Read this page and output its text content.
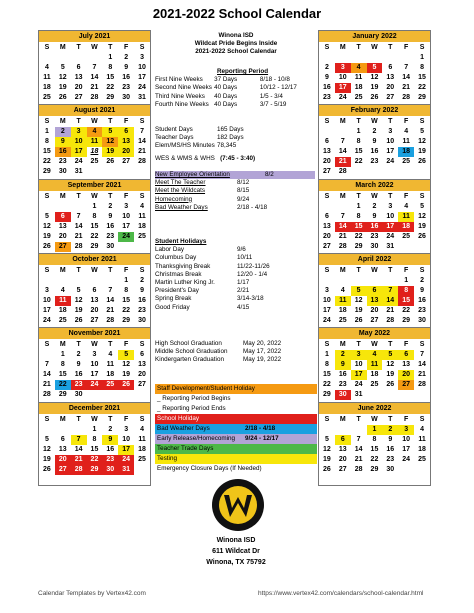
2021-2022 School Calendar
Winona ISD
Wildcat Pride Begins Inside
2021-2022 School Calendar
Reporting Period
First Nine Weeks	37 Days	8/18 - 10/8
Second Nine Weeks 40 Days	10/12 - 12/17
Third Nine Weeks	40 Days	1/5 - 3/4
Fourth Nine Weeks 40 Days	3/7 - 5/19
Student Days	165 Days
Teacher Days	182 Days
Elem/MS/HS Minutes 78,345
WES & WMS & WHS (7:45 - 3:40)
New Employee Orientation	8/2
Meet The Teacher	8/12
Meet the Wildcats	8/15
Homecoming	9/24
Bad Weather Days	2/18 - 4/18
Student Holidays
Labor Day	9/6
Columbus Day	10/11
Thanksgiving Break	11/22-11/26
Christmas Break	12/20 - 1/4
Martin Luther King Jr.	1/17
President's Day	2/21
Spring Break	3/14-3/18
Good Friday	4/15
High School Graduation	May 20, 2022
Middle School Graduation	May 17, 2022
Kindergarten Graduation	May 19, 2022
Staff Development/Student Holiday
_ Reporting Period Begins
_ Reporting Period Ends
School Holiday
Bad Weather Days	2/18 - 4/18
Early Release/Homecoming	9/24 - 12/17
Teacher Trade Days
Testing
Emergency Closure Days (If Needed)
Winona ISD
611 Wildcat Dr
Winona, TX 75792
Calendar Templates by Vertex42.com	https://www.vertex42.com/calendars/school-calendar.html
July 2021
S	M	T	W	T	F	S
				1	2	3
4	5	6	7	8	9	10
11	12	13	14	15	16	17
18	19	20	21	22	23	24
25	26	27	28	29	30	31

August 2021
S	M	T	W	T	F	S
1	2	3	4	5	6	7
8	9	10	11	12	13	14
15	16	17	18	19	20	21
22	23	24	25	26	27	28
29	30	31				

September 2021
S	M	T	W	T	F	S
			1	2	3	4
5	6	7	8	9	10	11
12	13	14	15	16	17	18
19	20	21	22	23	24	25
26	27	28	29	30		

October 2021
S	M	T	W	T	F	S
					1	2
3	4	5	6	7	8	9
10	11	12	13	14	15	16
17	18	19	20	21	22	23
24	25	26	27	28	29	30

November 2021
S	M	T	W	T	F	S
	1	2	3	4	5	6
7	8	9	10	11	12	13
14	15	16	17	18	19	20
21	22	23	24	25	26	27
28	29	30				

December 2021
S	M	T	W	T	F	S
			1	2	3	4
5	6	7	8	9	10	11
12	13	14	15	16	17	18
19	20	21	22	23	24	25
26	27	28	29	30	31	

January 2022
S	M	T	W	T	F	S
						1
2	3	4	5	6	7	8
9	10	11	12	13	14	15
16	17	18	19	20	21	22
23	24	25	26	27	28	29

February 2022
S	M	T	W	T	F	S
		1	2	3	4	5
6	7	8	9	10	11	12
13	14	15	16	17	18	19
20	21	22	23	24	25	26
27	28					

March 2022
S	M	T	W	T	F	S
		1	2	3	4	5
6	7	8	9	10	11	12
13	14	15	16	17	18	19
20	21	22	23	24	25	26
27	28	29	30	31		

April 2022
S	M	T	W	T	F	S
					1	2
3	4	5	6	7	8	9
10	11	12	13	14	15	16
17	18	19	20	21	22	23
24	25	26	27	28	29	30

May 2022
S	M	T	W	T	F	S
1	2	3	4	5	6	7
8	9	10	11	12	13	14
15	16	17	18	19	20	21
22	23	24	25	26	27	28
29	30	31				

June 2022
S	M	T	W	T	F	S
			1	2	3	4
5	6	7	8	9	10	11
12	13	14	15	16	17	18
19	20	21	22	23	24	25
26	27	28	29	30		
